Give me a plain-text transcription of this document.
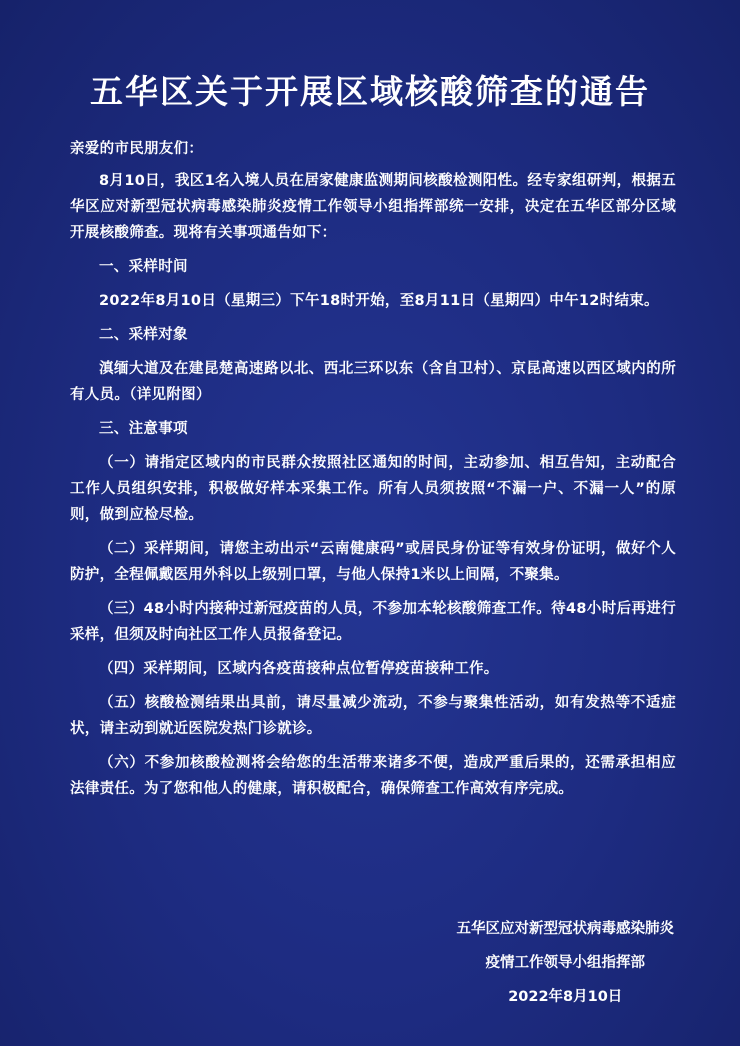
五华区关于开展区域核酸筛查的通告

亲爱的市民朋友们：

8月10日，我区1名入境人员在居家健康监测期间核酸检测阳性。经专家组研判，根据五华区应对新型冠状病毒感染肺炎疫情工作领导小组指挥部统一安排，决定在五华区部分区域开展核酸筛查。现将有关事项通告如下：

一、采样时间

2022年8月10日（星期三）下午18时开始，至8月11日（星期四）中午12时结束。

二、采样对象

滇缅大道及在建昆楚高速路以北、西北三环以东（含自卫村）、京昆高速以西区域内的所有人员。（详见附图）

三、注意事项

（一）请指定区域内的市民群众按照社区通知的时间，主动参加、相互告知，主动配合工作人员组织安排，积极做好样本采集工作。所有人员须按照“不漏一户、不漏一人”的原则，做到应检尽检。

（二）采样期间，请您主动出示“云南健康码”或居民身份证等有效身份证明，做好个人防护，全程佩戴医用外科以上级别口罩，与他人保持1米以上间隔，不聚集。

（三）48小时内接种过新冠疫苗的人员，不参加本轮核酸筛查工作。待48小时后再进行采样，但须及时向社区工作人员报备登记。

（四）采样期间，区域内各疫苗接种点位暂停疫苗接种工作。

（五）核酸检测结果出具前，请尽量减少流动，不参与聚集性活动，如有发热等不适症状，请主动到就近医院发热门诊就诊。

（六）不参加核酸检测将会给您的生活带来诸多不便，造成严重后果的，还需承担相应法律责任。为了您和他人的健康，请积极配合，确保筛查工作高效有序完成。

五华区应对新型冠状病毒感染肺炎
疫情工作领导小组指挥部
2022年8月10日
